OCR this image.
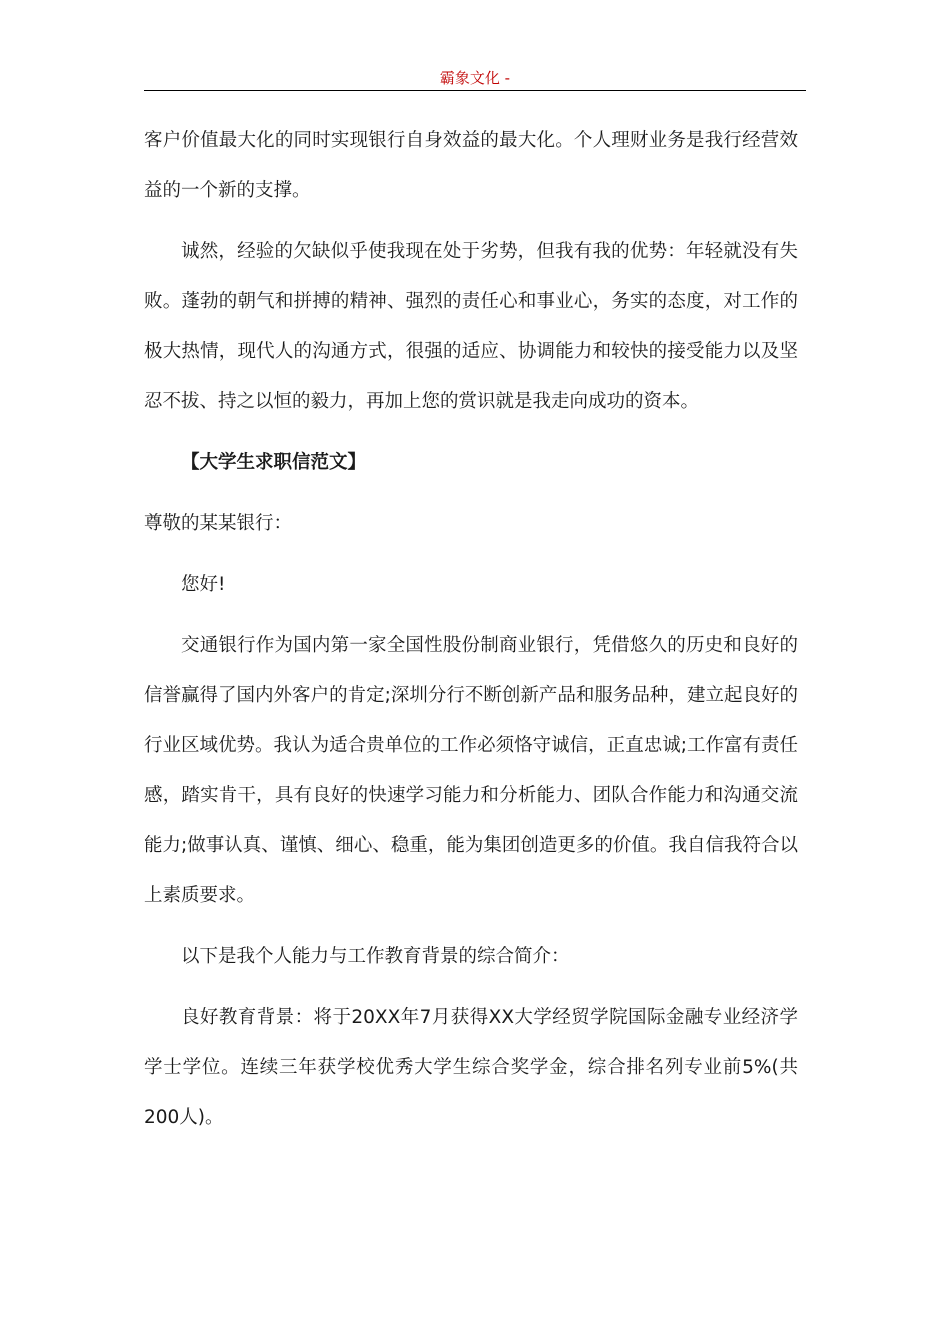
霸象文化 -

客户价值最大化的同时实现银行自身效益的最大化。个人理财业务是我行经营效益的一个新的支撑。

诚然，经验的欠缺似乎使我现在处于劣势，但我有我的优势：年轻就没有失败。蓬勃的朝气和拼搏的精神、强烈的责任心和事业心，务实的态度，对工作的极大热情，现代人的沟通方式，很强的适应、协调能力和较快的接受能力以及坚忍不拔、持之以恒的毅力，再加上您的赏识就是我走向成功的资本。

【大学生求职信范文】

尊敬的某某银行：

您好!

交通银行作为国内第一家全国性股份制商业银行，凭借悠久的历史和良好的信誉赢得了国内外客户的肯定;深圳分行不断创新产品和服务品种，建立起良好的行业区域优势。我认为适合贵单位的工作必须恪守诚信，正直忠诚;工作富有责任感，踏实肯干，具有良好的快速学习能力和分析能力、团队合作能力和沟通交流能力;做事认真、谨慎、细心、稳重，能为集团创造更多的价值。我自信我符合以上素质要求。

以下是我个人能力与工作教育背景的综合简介：

良好教育背景：将于20XX年7月获得XX大学经贸学院国际金融专业经济学学士学位。连续三年获学校优秀大学生综合奖学金，综合排名列专业前5%(共200人)。
